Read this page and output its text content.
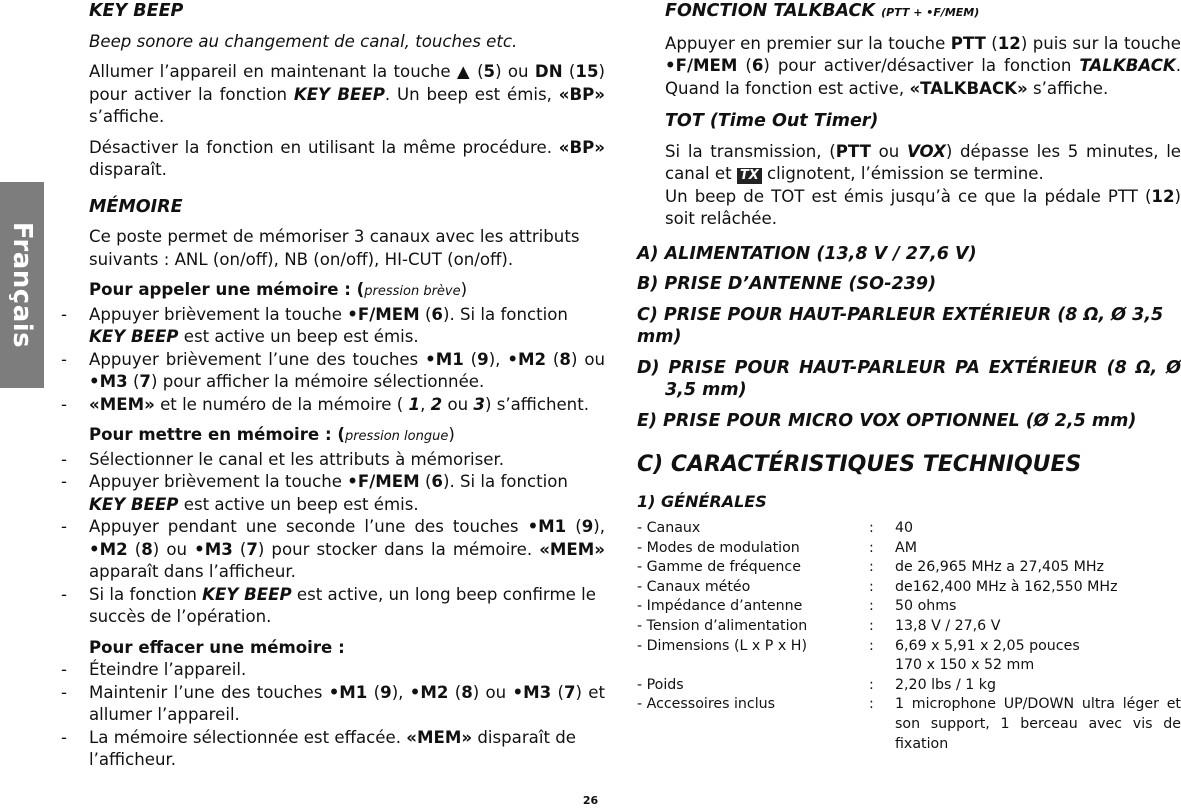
Français

KEY BEEP

Beep sonore au changement de canal, touches etc.

Allumer l’appareil en maintenant la touche ▲ (5) ou DN (15) pour activer la fonction KEY BEEP. Un beep est émis, «BP» s’affiche.

Désactiver la fonction en utilisant la même procédure. «BP» disparaît.

MÉMOIRE

Ce poste permet de mémoriser 3 canaux avec les attributs suivants : ANL (on/off), NB (on/off), HI-CUT (on/off).

Pour appeler une mémoire : (pression brève)

- Appuyer brièvement la touche •F/MEM (6). Si la fonction KEY BEEP est active un beep est émis.
- Appuyer brièvement l’une des touches •M1 (9), •M2 (8) ou •M3 (7) pour afficher la mémoire sélectionnée.
- «MEM» et le numéro de la mémoire ( 1, 2 ou 3) s’affichent.

Pour mettre en mémoire : (pression longue)

- Sélectionner le canal et les attributs à mémoriser.
- Appuyer brièvement la touche •F/MEM (6). Si la fonction KEY BEEP est active un beep est émis.
- Appuyer pendant une seconde l’une des touches •M1 (9), •M2 (8) ou •M3 (7) pour stocker dans la mémoire. «MEM» apparaît dans l’afficheur.
- Si la fonction KEY BEEP est active, un long beep confirme le succès de l’opération.

Pour effacer une mémoire :

- Éteindre l’appareil.
- Maintenir l’une des touches •M1 (9), •M2 (8) ou •M3 (7) et allumer l’appareil.
- La mémoire sélectionnée est effacée. «MEM» disparaît de l’afficheur.

FONCTION TALKBACK (PTT + •F/MEM)

Appuyer en premier sur la touche PTT (12) puis sur la touche •F/MEM (6) pour activer/désactiver la fonction TALKBACK. Quand la fonction est active, «TALKBACK» s’affiche.

TOT (Time Out Timer)

Si la transmission, (PTT ou VOX) dépasse les 5 minutes, le canal et TX clignotent, l’émission se termine.
Un beep de TOT est émis jusqu’à ce que la pédale PTT (12) soit relâchée.

A) ALIMENTATION (13,8 V / 27,6 V)

B) PRISE D’ANTENNE (SO-239)

C) PRISE POUR HAUT-PARLEUR EXTÉRIEUR (8 Ω, Ø 3,5 mm)

D) PRISE POUR HAUT-PARLEUR PA EXTÉRIEUR (8 Ω, Ø 3,5 mm)

E) PRISE POUR MICRO VOX OPTIONNEL (Ø 2,5 mm)

C) CARACTÉRISTIQUES TECHNIQUES

1) GÉNÉRALES

- Canaux	:	40
- Modes de modulation	:	AM
- Gamme de fréquence	:	de 26,965 MHz a 27,405 MHz
- Canaux météo	:	de162,400 MHz à 162,550 MHz
- Impédance d’antenne	:	50 ohms
- Tension d’alimentation	:	13,8 V / 27,6 V
- Dimensions (L x P x H)	:	6,69 x 5,91 x 2,05 pouces
170 x 150 x 52 mm
- Poids	:	2,20 lbs / 1 kg
- Accessoires inclus	:	1 microphone UP/DOWN ultra léger et son support, 1 berceau avec vis de fixation
26
